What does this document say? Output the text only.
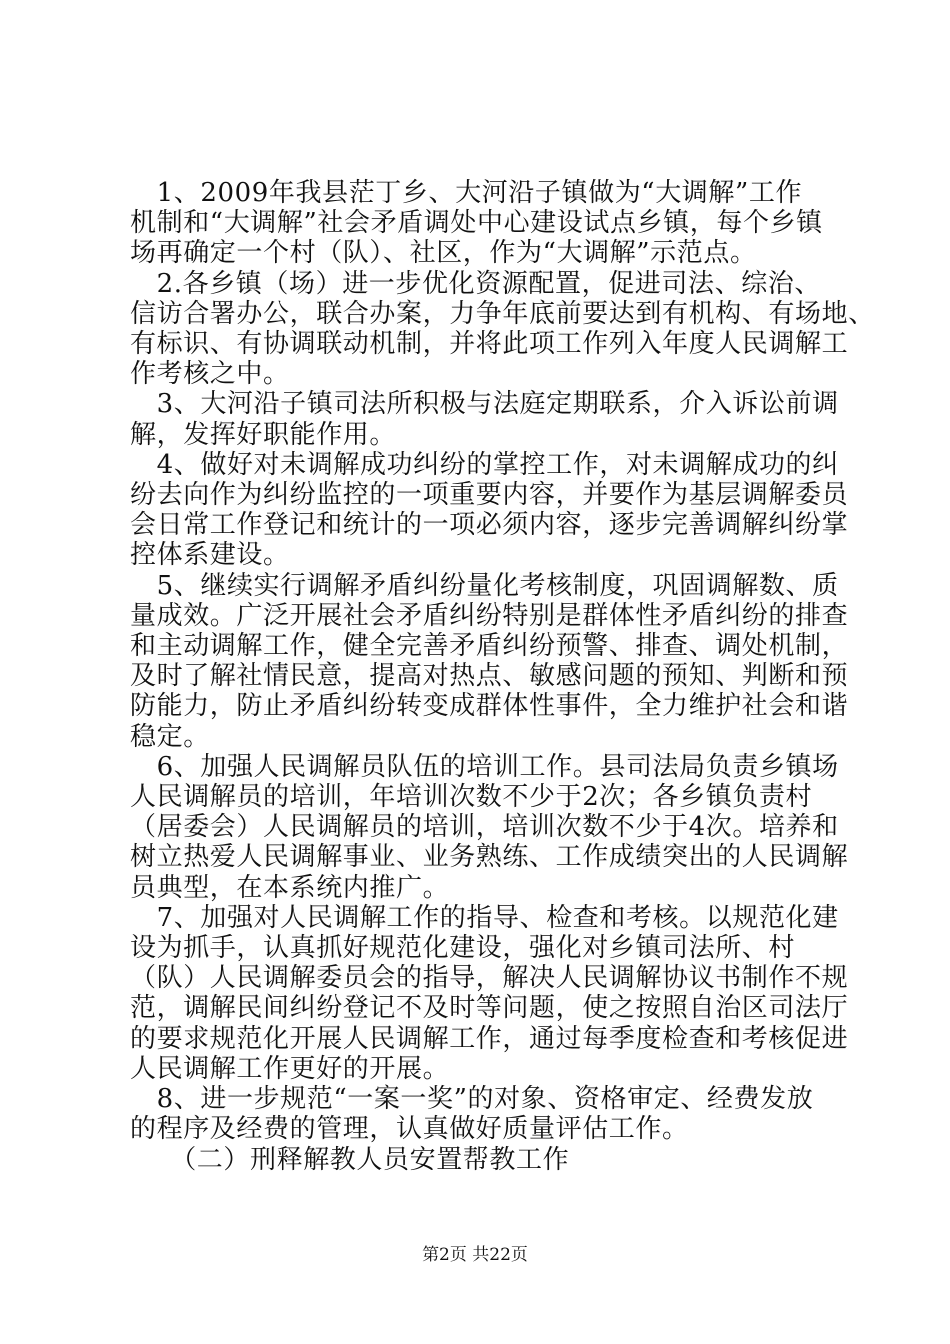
　1、2009年我县茫丁乡、大河沿子镇做为“大调解”工作
机制和“大调解”社会矛盾调处中心建设试点乡镇，每个乡镇
场再确定一个村（队）、社区，作为“大调解”示范点。
　2.各乡镇（场）进一步优化资源配置，促进司法、综治、
信访合署办公，联合办案，力争年底前要达到有机构、有场地、
有标识、有协调联动机制，并将此项工作列入年度人民调解工
作考核之中。
　3、大河沿子镇司法所积极与法庭定期联系，介入诉讼前调
解，发挥好职能作用。
　4、做好对未调解成功纠纷的掌控工作，对未调解成功的纠
纷去向作为纠纷监控的一项重要内容，并要作为基层调解委员
会日常工作登记和统计的一项必须内容，逐步完善调解纠纷掌
控体系建设。
　5、继续实行调解矛盾纠纷量化考核制度，巩固调解数、质
量成效。广泛开展社会矛盾纠纷特别是群体性矛盾纠纷的排查
和主动调解工作，健全完善矛盾纠纷预警、排查、调处机制，
及时了解社情民意，提高对热点、敏感问题的预知、判断和预
防能力，防止矛盾纠纷转变成群体性事件，全力维护社会和谐
稳定。
　6、加强人民调解员队伍的培训工作。县司法局负责乡镇场
人民调解员的培训，年培训次数不少于2次；各乡镇负责村
（居委会）人民调解员的培训，培训次数不少于4次。培养和
树立热爱人民调解事业、业务熟练、工作成绩突出的人民调解
员典型，在本系统内推广。
　7、加强对人民调解工作的指导、检查和考核。以规范化建
设为抓手，认真抓好规范化建设，强化对乡镇司法所、村
（队）人民调解委员会的指导，解决人民调解协议书制作不规
范，调解民间纠纷登记不及时等问题，使之按照自治区司法厅
的要求规范化开展人民调解工作，通过每季度检查和考核促进
人民调解工作更好的开展。
　8、进一步规范“一案一奖”的对象、资格审定、经费发放
的程序及经费的管理，认真做好质量评估工作。
　　（二）刑释解教人员安置帮教工作
第2页 共22页
